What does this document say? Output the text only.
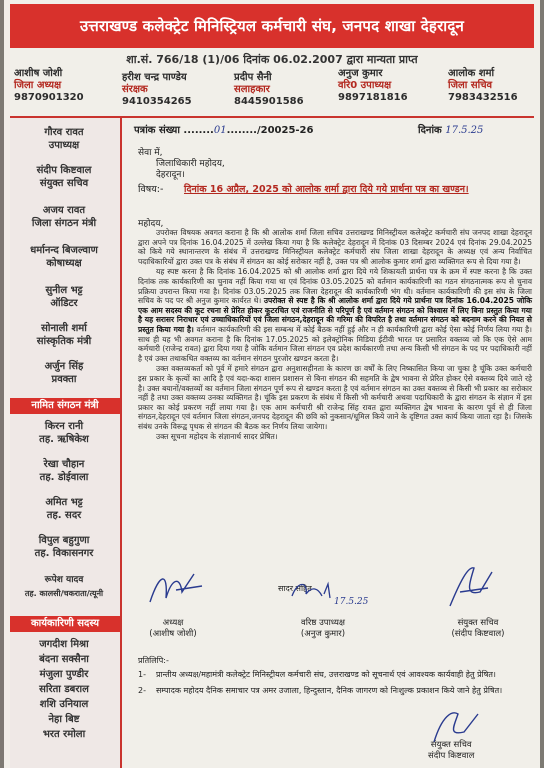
उत्तराखण्ड कलेक्ट्रेट मिनिस्ट्रियल कर्मचारी संघ, जनपद शाखा देहरादून
शा.सं. 766/18 (1)/06 दिनांक 06.02.2007 द्वारा मान्यता प्राप्त
आशीष जोशी
जिला अध्यक्ष
9870901320
हरीश चन्द्र पाण्डेय
संरक्षक
9410354265
प्रदीप सैनी
सलाहकार
8445901586
अनुज कुमार
वरि0 उपाध्यक्ष
9897181816
आलोक शर्मा
जिला सचिव
7983432516
गौरव रावत
उपाध्यक्ष
संदीप किष्टवाल
संयुक्त सचिव
अजय रावत
जिला संगठन मंत्री
धर्मानन्द बिजल्वाण
कोषाध्यक्ष
सुनील भट्ट
ऑडिटर
सोनाली शर्मा
सांस्कृतिक मंत्री
अर्जुन सिंह
प्रवक्ता
नामित संगठन मंत्री
किरन रानी
तह. ऋषिकेश
रेखा चौहान
तह. डोईवाला
अमित भट्ट
तह. सदर
विपुल बहुगुणा
तह. विकासनगर
रूपेश यादव
तह. कालसी/चकराता/त्यूनी
कार्यकारिणी सदस्य
जगदीश मिश्रा
बंदना सक्सैना
मंजुला पुण्डीर
सरिता डबराल
शशि उनियाल
नेहा बिष्ट
भरत रमोला
पत्रांक संख्या ........01......../20025-26	दिनांक 17.5.25
सेवा में,
जिलाधिकारी महोदय,
देहरादून।
विषय:- दिनांक 16 अप्रैल, 2025 को आलोक शर्मा द्वारा दिये गये प्रार्थना पत्र का खण्डन।
महोदय,

उपरोक्त विषयक अवगत कराना है कि श्री आलोक शर्मा जिला सचिव उत्तराखण्ड मिनिस्ट्रीयल कलेक्ट्रेट कर्मचारी संघ जनपद शाखा देहरादून द्वारा अपने पत्र दिनांक 16.04.2025 में उल्लेख किया गया है कि कलेक्ट्रेट देहरादून में दिनांक 03 दिसम्बर 2024 एवं दिनांक 29.04.2025 को किये गये स्थानान्तरण के संबंध में उत्तराखण्ड मिनिस्ट्रीयल कलेक्ट्रेट कर्मचारी संघ जिला शाखा देहरादून के अध्यक्ष एवं अन्य निर्वाचित पदाधिकारियों द्वारा उक्त पत्र के संबंध में संगठन का कोई सरोकार नहीं है, उक्त पत्र श्री आलोक कुमार शर्मा द्वारा व्यक्तिगत रूप से दिया गया है।

यह स्पष्ट करना है कि दिनांक 16.04.2025 को श्री आलोक शर्मा द्वारा दिये गये शिकायती प्रार्थना पत्र के क्रम में स्पष्ट करना है कि उक्त दिनांक तक कार्यकारिणी का चुनाव नहीं किया गया था एवं दिनांक 03.05.2025 को वर्तमान कार्यकारिणी का गठन संगठनात्मक रूप से चुनाव प्रक्रिया उपरान्त किया गया है। दिनांक 03.05.2025 तक जिला देहरादून की कार्यकारिणी भंग थी। वर्तमान कार्यकारिणी की इस संघ के जिला सचिव के पद पर श्री अनुज कुमार कार्यरत थे। उपरोक्त से स्पष्ट है कि श्री आलोक शर्मा द्वारा दिये गये प्रार्थना पत्र दिनांक 16.04.2025 जोकि एक आम सदस्य की कूट रचना से प्रेरित होकर कूटरचित एवं राजनीति से परिपूर्ण है एवं वर्तमान संगठन को विश्वास में लिए बिना प्रस्तुत किया गया है यह सरासर निराधार एवं उच्चाधिकारियों एवं जिला संगठन,देहरादून की गरिमा की विपरित है तथा वर्तमान संगठन को बदनाम करने की नियत से प्रस्तुत किया गया है। वर्तमान कार्यकारिणी की इस सम्बन्ध में कोई बैठक नहीं हुई और न ही कार्यकारिणी द्वारा कोई ऐसा कोई निर्णय लिया गया है। साथ ही यह भी अवगत कराना है कि दिनांक 17.05.2025 को इलेक्ट्रोनिक मिडिया ईटीवी भारत पर प्रसारित वक्तव्य जो कि एक ऐसे आम कर्मचारी (राजेन्द्र रावत) द्वारा दिया गया है जोकि वर्तमान जिला संगठन एव प्रदेश कार्यकारणी तथा अन्य किसी भी संगठन के पद पर पदाधिकारी नहीं है एवं उक्त तथाकथित वक्तव्य का वर्तमान संगठन पुरजोर खण्डन करता है।

उक्त वक्तव्यकर्ता को पूर्व में हमारे संगठन द्वारा अनुशासहीनता के कारण छः वर्षों के लिए निष्कासित किया जा चुका है चूंकि उक्त कर्मचारी इस प्रकार के कृत्यों का आदि है एवं यदा-कदा शासन प्रशासन से बिना संगठन की सहमति के द्वेष भावना से प्रेरित होकर ऐसे वक्तव्य दिये जाते रहे है। उक्त बयानों/वक्तव्यों का वर्तमान जिला संगठन पूर्ण रूप से खण्डन करता है एवं वर्तमान संगठन का उक्त वक्तव्य से किसी भी प्रकार का सरोकार नहीं है तथा उक्त वक्तव्य उनका व्यक्तिगत है। चूंकि इस प्रकरण के संबंध में किसी भी कर्मचारी अथवा पदाधिकारी के द्वारा संगठन के संज्ञान में इस प्रकार का कोई प्रकरण नहीं लाया गया है। एक आम कर्मचारी श्री राजेन्द्र सिंह रावत द्वारा व्यक्तिगत द्वेष भावना के कारण पूर्व से ही जिला संगठन,देहरादून एवं वर्तमान जिला संगठन,जनपद देहरादून की छवि को नुकसान/धूमिल किये जाने के दृष्टिगत उक्त कार्य किया जाता रहा है। जिसके संबंध उनके विरूद्व पृथक से संगठन की बैठक कर निर्णय लिया जायेगा।

उक्त सूचना महोदय के संज्ञानार्थ सादर प्रेषित।

सादर सहित
17.5.25
अध्यक्ष
(आशीष जोशी)
वरिष्ठ उपाध्यक्ष
(अनुज कुमार)
संयुक्त सचिव
(संदीप किष्टवाल)
प्रतिलिपि:-
1-	प्रान्तीय अध्यक्ष/महामंत्री कलेक्ट्रेट मिनिस्ट्रीयल कर्मचारी संघ, उत्तराखण्ड को सूचनार्थ एवं आवश्यक कार्यवाही हेतु प्रेषित।
2-	सम्पादक महोदय दैनिक समाचार पत्र अमर उजाला, हिन्दुस्तान, दैनिक जागरण को निःशुल्क प्रकाशन किये जाने हेतु प्रेषित।
संयुक्त सचिव
संदीप किष्टवाल
